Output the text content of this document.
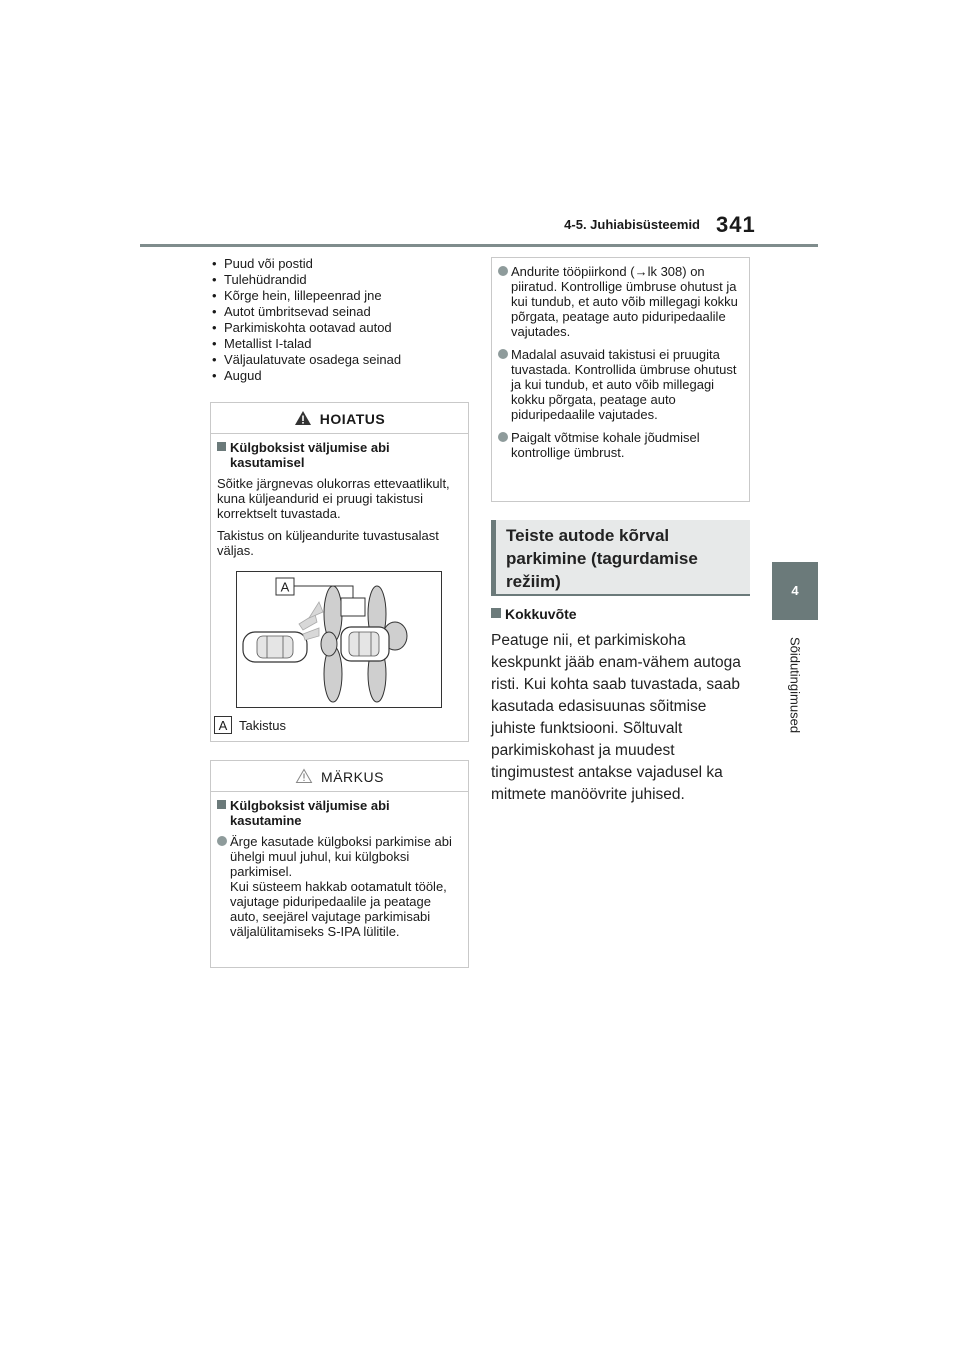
4-5. Juhiabisüsteemid 341
4
Sõidutingimused
• Puud või postid
• Tulehüdrandid
• Kõrge hein, lillepeenrad jne
• Autot ümbritsevad seinad
• Parkimiskohta ootavad autod
• Metallist I-talad
• Väljaulatuvate osadega seinad
• Augud
HOIATUS
Külgboksist väljumise abi kasutamisel
Sõitke järgnevas olukorras ettevaatlikult, kuna küljeandurid ei pruugi takistusi korrektselt tuvastada.
Takistus on küljeandurite tuvastusalast väljas.
A
A Takistus
MÄRKUS
Külgboksist väljumise abi kasutamine
Ärge kasutade külgboksi parkimise abi ühelgi muul juhul, kui külgboksi parkimisel.
Kui süsteem hakkab ootamatult tööle, vajutage piduripedaalile ja peatage auto, seejärel vajutage parkimisabi väljalülitamiseks S-IPA lülitile.
Andurite tööpiirkond (→lk 308) on piiratud. Kontrollige ümbruse ohutust ja kui tundub, et auto võib millegagi kokku põrgata, peatage auto piduripedaalile vajutades.
Madalal asuvaid takistusi ei pruugita tuvastada. Kontrollida ümbruse ohutust ja kui tundub, et auto võib millegagi kokku põrgata, peatage auto piduripedaalile vajutades.
Paigalt võtmise kohale jõudmisel kontrollige ümbrust.
Teiste autode kõrval parkimine (tagurdamise režiim)
Kokkuvõte
Peatuge nii, et parkimiskoha keskpunkt jääb enam-vähem autoga risti. Kui kohta saab tuvastada, saab kasutada edasisuunas sõitmise juhiste funktsiooni. Sõltuvalt parkimiskohast ja muudest tingimustest antakse vajadusel ka mitmete manöövrite juhised.
